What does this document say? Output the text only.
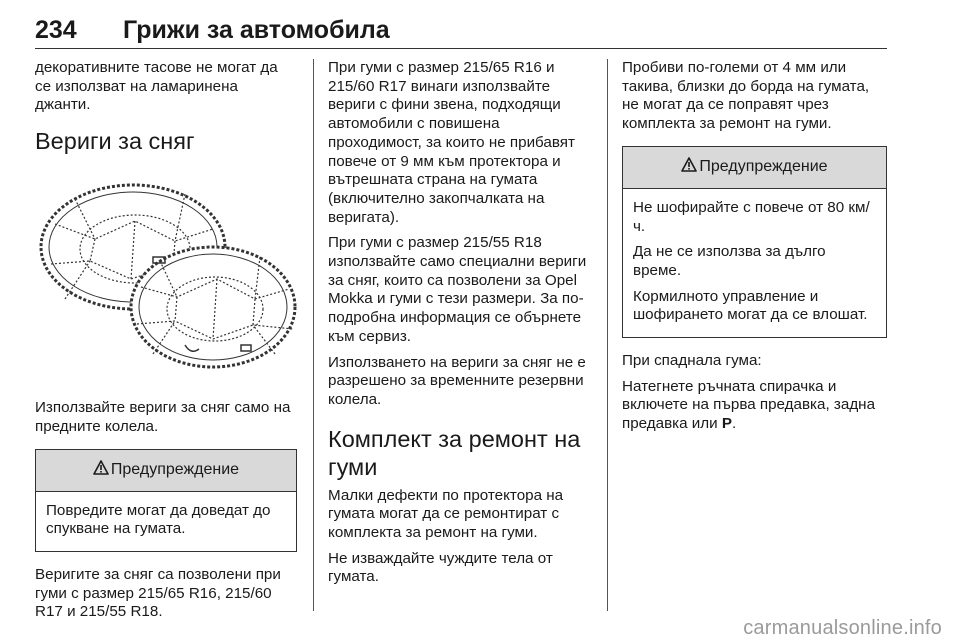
234 Грижи за автомобила

декоративните тасове не могат да се използват на ламаринена джанти.

Вериги за сняг

Използвайте вериги за сняг само на предните колела.

Предупреждение

Повредите могат да доведат до спукване на гумата.

Веригите за сняг са позволени при гуми с размер 215/65 R16, 215/60 R17 и 215/55 R18.

При гуми с размер 215/65 R16 и 215/60 R17 винаги използвайте вериги с фини звена, подходящи автомобили с повишена проходимост, за които не прибавят повече от 9 мм към протектора и вътрешната страна на гумата (включително закопчалката на веригата).

При гуми с размер 215/55 R18 използвайте само специални вериги за сняг, които са позволени за Opel Mokka и гуми с тези размери. За по-подробна информация се обърнете към сервиз.

Използването на вериги за сняг не е разрешено за временните резервни колела.

Комплект за ремонт на гуми

Малки дефекти по протектора на гумата могат да се ремонтират с комплекта за ремонт на гуми.

Не изваждайте чуждите тела от гумата.

Пробиви по-големи от 4 мм или такива, близки до борда на гумата, не могат да се поправят чрез комплекта за ремонт на гуми.

Предупреждение

Не шофирайте с повече от 80 км/ч.

Да не се използва за дълго време.

Кормилното управление и шофирането могат да се влошат.

При спаднала гума:

Натегнете ръчната спирачка и включете на първа предавка, задна предавка или P.

carmanualsonline.info
